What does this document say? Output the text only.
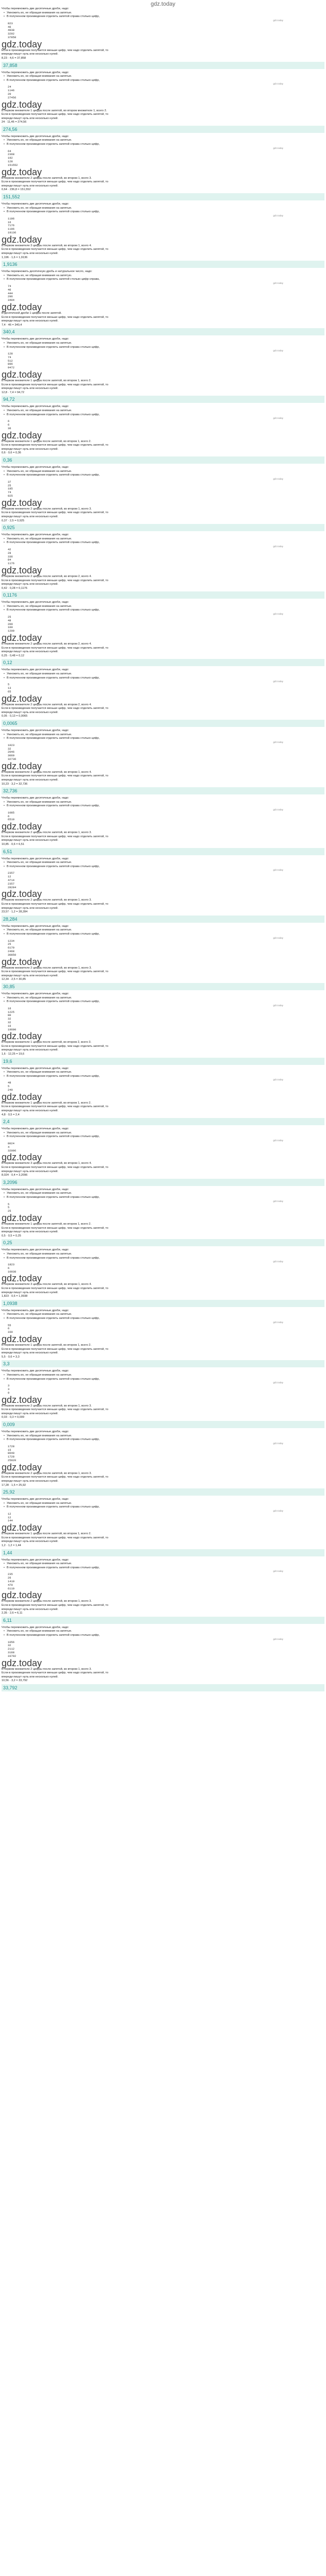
gdz.today
Чтобы перемножить две десятичные дроби, надо:
• Умножить их, не обращая внимания на запятые.
• В полученном произведении отделить запятой справа столько цифр,
gdz.today
823
46
4938
3292
37858
gdz.today
Если в произведении получается меньше цифр, чем надо отделить запятой, то
впереди пишут нуль или несколько нулей.
8,23 · 4,6 = 37,858
37,858
Чтобы перемножить две десятичные дроби, надо:
• Умножить их, не обращая внимания на запятые.
• В полученном произведении отделить запятой справа столько цифр,
gdz.today
24
1146
20
27456
gdz.today
В первом множителе 1 цифра после запятой, во втором множителе 1, всего 2.
Если в произведении получается меньше цифр, чем надо отделить запятой, то
впереди пишут нуль или несколько нулей.
24 · 11,46 = 274,56
274,56
Чтобы перемножить две десятичные дроби, надо:
• Умножить их, не обращая внимания на запятые.
• В полученном произведении отделить запятой справа столько цифр,
gdz.today
64
2368
192
128
151552
gdz.today
В первом множителе 2 цифры после запятой, во втором 1, всего 3.
Если в произведении получается меньше цифр, чем надо отделить запятой, то
впереди пишут нуль или несколько нулей.
0,64 · 236,8 = 151,552
151,552
Чтобы перемножить две десятичные дроби, надо:
• Умножить их, не обращая внимания на запятые.
• В полученном произведении отделить запятой справа столько цифр,
gdz.today
1196
16
7176
1196
19136
gdz.today
В первом множителе 3 цифры после запятой, во втором 1, всего 4.
Если в произведении получается меньше цифр, чем надо отделить запятой, то
впереди пишут нуль или несколько нулей.
1,196 · 1,6 = 1,9136
1,9136
Чтобы перемножить десятичную дробь и натуральное число, надо:
• Умножить их, не обращая внимания на запятую.
• В полученном произведении отделить запятой столько цифр справа,
gdz.today
74
46
444
296
3404
gdz.today
В десятичной дроби 1 цифра после запятой.
Если в произведении получается меньше цифр, чем надо отделить запятой, то
впереди пишут нуль или несколько нулей.
7,4 · 46 = 340,4
340,4
Чтобы перемножить две десятичные дроби, надо:
• Умножить их, не обращая внимания на запятые.
• В полученном произведении отделить запятой справа столько цифр,
gdz.today
128
74
512
896
9472
gdz.today
В первом множителе 1 цифра после запятой, во втором 1, всего 2.
Если в произведении получается меньше цифр, чем надо отделить запятой, то
впереди пишут нуль или несколько нулей.
12,8 · 7,4 = 94,72
94,72
Чтобы перемножить две десятичные дроби, надо:
• Умножить их, не обращая внимания на запятые.
• В полученном произведении отделить запятой справа столько цифр,
gdz.today
6
6
36
gdz.today
В первом множителе 1 цифра после запятой, во втором 1, всего 2.
Если в произведении получается меньше цифр, чем надо отделить запятой, то
впереди пишут нуль или несколько нулей.
0,6 · 0,6 = 0,36
0,36
Чтобы перемножить две десятичные дроби, надо:
• Умножить их, не обращая внимания на запятые.
• В полученном произведении отделить запятой справа столько цифр,
gdz.today
37
25
185
74
925
gdz.today
В первом множителе 2 цифры после запятой, во втором 1, всего 3.
Если в произведении получается меньше цифр, чем надо отделить запятой, то
впереди пишут нуль или несколько нулей.
0,37 · 2,5 = 0,925
0,925
Чтобы перемножить две десятичные дроби, надо:
• Умножить их, не обращая внимания на запятые.
• В полученном произведении отделить запятой справа столько цифр,
gdz.today
42
28
336
84
1176
gdz.today
В первом множителе 2 цифры после запятой, во втором 2, всего 4.
Если в произведении получается меньше цифр, чем надо отделить запятой, то
впереди пишут нуль или несколько нулей.
0,42 · 0,28 = 0,1176
0,1176
Чтобы перемножить две десятичные дроби, надо:
• Умножить их, не обращая внимания на запятые.
• В полученном произведении отделить запятой справа столько цифр,
gdz.today
25
48
200
100
1200
gdz.today
В первом множителе 2 цифры после запятой, во втором 2, всего 4.
Если в произведении получается меньше цифр, чем надо отделить запятой, то
впереди пишут нуль или несколько нулей.
0,25 · 0,48 = 0,12
0,12
Чтобы перемножить две десятичные дроби, надо:
• Умножить их, не обращая внимания на запятые.
• В полученном произведении отделить запятой справа столько цифр,
gdz.today
5
13
65
gdz.today
В первом множителе 2 цифры после запятой, во втором 2, всего 4.
Если в произведении получается меньше цифр, чем надо отделить запятой, то
впереди пишут нуль или несколько нулей.
0,05 · 0,13 = 0,0065
0,0065
Чтобы перемножить две десятичные дроби, надо:
• Умножить их, не обращая внимания на запятые.
• В полученном произведении отделить запятой справа столько цифр,
gdz.today
1023
32
2046
3069
32736
gdz.today
В первом множителе 3 цифры после запятой, во втором 1, всего 4.
Если в произведении получается меньше цифр, чем надо отделить запятой, то
впереди пишут нуль или несколько нулей.
10,23 · 3,2 = 32,736
32,736
Чтобы перемножить две десятичные дроби, надо:
• Умножить их, не обращая внимания на запятые.
• В полученном произведении отделить запятой справа столько цифр,
gdz.today
1085
6
6510
gdz.today
В первом множителе 2 цифры после запятой, во втором 1, всего 3.
Если в произведении получается меньше цифр, чем надо отделить запятой, то
впереди пишут нуль или несколько нулей.
10,85 · 0,6 = 6,51
6,51
Чтобы перемножить две десятичные дроби, надо:
• Умножить их, не обращая внимания на запятые.
• В полученном произведении отделить запятой справа столько цифр,
gdz.today
2357
12
4714
2357
28284
gdz.today
В первом множителе 2 цифры после запятой, во втором 1, всего 3.
Если в произведении получается меньше цифр, чем надо отделить запятой, то
впереди пишут нуль или несколько нулей.
23,57 · 1,2 = 28,284
28,284
Чтобы перемножить две десятичные дроби, надо:
• Умножить их, не обращая внимания на запятые.
• В полученном произведении отделить запятой справа столько цифр,
gdz.today
1234
25
6170
2468
30850
gdz.today
В первом множителе 2 цифры после запятой, во втором 1, всего 3.
Если в произведении получается меньше цифр, чем надо отделить запятой, то
впереди пишут нуль или несколько нулей.
12,34 · 2,5 = 30,85
30,85
Чтобы перемножить две десятичные дроби, надо:
• Умножить их, не обращая внимания на запятые.
• В полученном произведении отделить запятой справа столько цифр,
gdz.today
16
1225
80
32
32
16
19600
gdz.today
В первом множителе 1 цифра после запятой, во втором 2, всего 3.
Если в произведении получается меньше цифр, чем надо отделить запятой, то
впереди пишут нуль или несколько нулей.
1,6 · 12,25 = 19,6
19,6
Чтобы перемножить две десятичные дроби, надо:
• Умножить их, не обращая внимания на запятые.
• В полученном произведении отделить запятой справа столько цифр,
gdz.today
48
5
240
gdz.today
В первом множителе 1 цифра после запятой, во втором 1, всего 2.
Если в произведении получается меньше цифр, чем надо отделить запятой, то
впереди пишут нуль или несколько нулей.
4,8 · 0,5 = 2,4
2,4
Чтобы перемножить две десятичные дроби, надо:
• Умножить их, не обращая внимания на запятые.
• В полученном произведении отделить запятой справа столько цифр,
gdz.today
8024
4
32096
gdz.today
В первом множителе 3 цифры после запятой, во втором 1, всего 4.
Если в произведении получается меньше цифр, чем надо отделить запятой, то
впереди пишут нуль или несколько нулей.
8,024 · 0,4 = 3,2096
3,2096
Чтобы перемножить две десятичные дроби, надо:
• Умножить их, не обращая внимания на запятые.
• В полученном произведении отделить запятой справа столько цифр,
gdz.today
5
5
25
gdz.today
В первом множителе 1 цифра после запятой, во втором 1, всего 2.
Если в произведении получается меньше цифр, чем надо отделить запятой, то
впереди пишут нуль или несколько нулей.
0,5 · 0,5 = 0,25
0,25
Чтобы перемножить две десятичные дроби, надо:
• Умножить их, не обращая внимания на запятые.
• В полученном произведении отделить запятой справа столько цифр,
gdz.today
1823
6
10938
gdz.today
В первом множителе 3 цифры после запятой, во втором 1, всего 4.
Если в произведении получается меньше цифр, чем надо отделить запятой, то
впереди пишут нуль или несколько нулей.
1,823 · 0,6 = 1,0938
1,0938
Чтобы перемножить две десятичные дроби, надо:
• Умножить их, не обращая внимания на запятые.
• В полученном произведении отделить запятой справа столько цифр,
gdz.today
55
6
330
gdz.today
В первом множителе 1 цифра после запятой, во втором 1, всего 2.
Если в произведении получается меньше цифр, чем надо отделить запятой, то
впереди пишут нуль или несколько нулей.
5,5 · 0,6 = 3,3
3,3
Чтобы перемножить две десятичные дроби, надо:
• Умножить их, не обращая внимания на запятые.
• В полученном произведении отделить запятой справа столько цифр,
gdz.today
3
3
9
gdz.today
В первом множителе 2 цифры после запятой, во втором 1, всего 3.
Если в произведении получается меньше цифр, чем надо отделить запятой, то
впереди пишут нуль или несколько нулей.
0,03 · 0,3 = 0,009
0,009
Чтобы перемножить две десятичные дроби, надо:
• Умножить их, не обращая внимания на запятые.
• В полученном произведении отделить запятой справа столько цифр,
gdz.today
1728
15
8640
1728
25920
gdz.today
В первом множителе 2 цифры после запятой, во втором 1, всего 3.
Если в произведении получается меньше цифр, чем надо отделить запятой, то
впереди пишут нуль или несколько нулей.
17,28 · 1,5 = 25,92
25,92
Чтобы перемножить две десятичные дроби, надо:
• Умножить их, не обращая внимания на запятые.
• В полученном произведении отделить запятой справа столько цифр,
gdz.today
12
12
144
gdz.today
В первом множителе 1 цифра после запятой, во втором 1, всего 2.
Если в произведении получается меньше цифр, чем надо отделить запятой, то
впереди пишут нуль или несколько нулей.
1,2 · 1,2 = 1,44
1,44
Чтобы перемножить две десятичные дроби, надо:
• Умножить их, не обращая внимания на запятые.
• В полученном произведении отделить запятой справа столько цифр,
gdz.today
235
26
1410
470
6110
gdz.today
В первом множителе 2 цифры после запятой, во втором 1, всего 3.
Если в произведении получается меньше цифр, чем надо отделить запятой, то
впереди пишут нуль или несколько нулей.
2,35 · 2,6 = 6,11
6,11
Чтобы перемножить две десятичные дроби, надо:
• Умножить их, не обращая внимания на запятые.
• В полученном произведении отделить запятой справа столько цифр,
gdz.today
1056
32
2112
3168
33792
gdz.today
В первом множителе 2 цифры после запятой, во втором 1, всего 3.
Если в произведении получается меньше цифр, чем надо отделить запятой, то
впереди пишут нуль или несколько нулей.
10,56 · 3,2 = 33,792
33,792
